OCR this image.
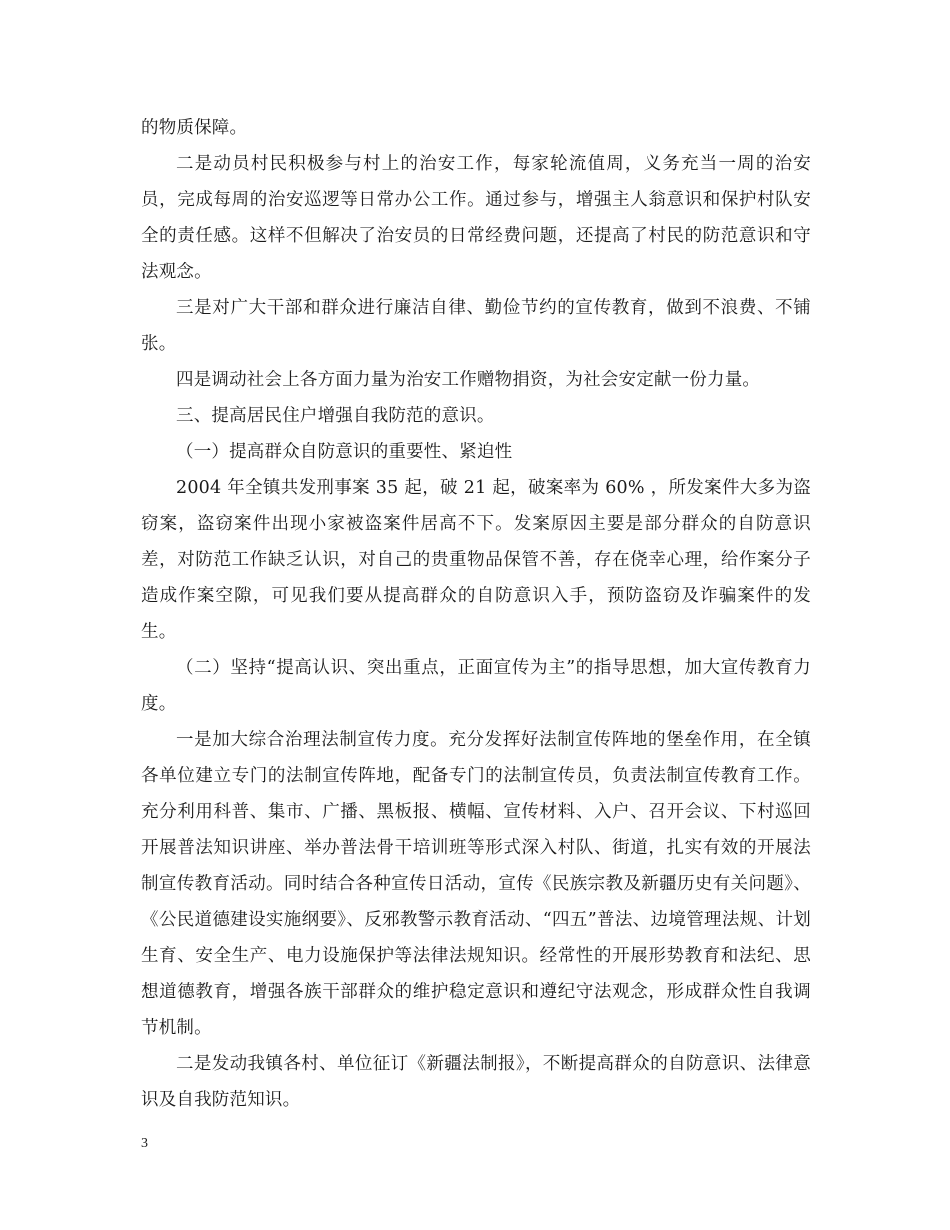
的物质保障。

二是动员村民积极参与村上的治安工作，每家轮流值周，义务充当一周的治安员，完成每周的治安巡逻等日常办公工作。通过参与，增强主人翁意识和保护村队安全的责任感。这样不但解决了治安员的日常经费问题，还提高了村民的防范意识和守法观念。

三是对广大干部和群众进行廉洁自律、勤俭节约的宣传教育，做到不浪费、不铺张。

四是调动社会上各方面力量为治安工作赠物捐资，为社会安定献一份力量。

三、提高居民住户增强自我防范的意识。

（一）提高群众自防意识的重要性、紧迫性

2004 年全镇共发刑事案 35 起，破 21 起，破案率为 60% ，所发案件大多为盗窃案，盗窃案件出现小家被盗案件居高不下。发案原因主要是部分群众的自防意识差，对防范工作缺乏认识，对自己的贵重物品保管不善，存在侥幸心理，给作案分子造成作案空隙，可见我们要从提高群众的自防意识入手，预防盗窃及诈骗案件的发生。

（二）坚持“提高认识、突出重点，正面宣传为主”的指导思想，加大宣传教育力度。

一是加大综合治理法制宣传力度。充分发挥好法制宣传阵地的堡垒作用，在全镇各单位建立专门的法制宣传阵地，配备专门的法制宣传员，负责法制宣传教育工作。充分利用科普、集市、广播、黑板报、横幅、宣传材料、入户、召开会议、下村巡回开展普法知识讲座、举办普法骨干培训班等形式深入村队、街道，扎实有效的开展法制宣传教育活动。同时结合各种宣传日活动，宣传《民族宗教及新疆历史有关问题》、《公民道德建设实施纲要》、反邪教警示教育活动、“四五”普法、边境管理法规、计划生育、安全生产、电力设施保护等法律法规知识。经常性的开展形势教育和法纪、思想道德教育，增强各族干部群众的维护稳定意识和遵纪守法观念，形成群众性自我调节机制。

二是发动我镇各村、单位征订《新疆法制报》，不断提高群众的自防意识、法律意识及自我防范知识。

3
